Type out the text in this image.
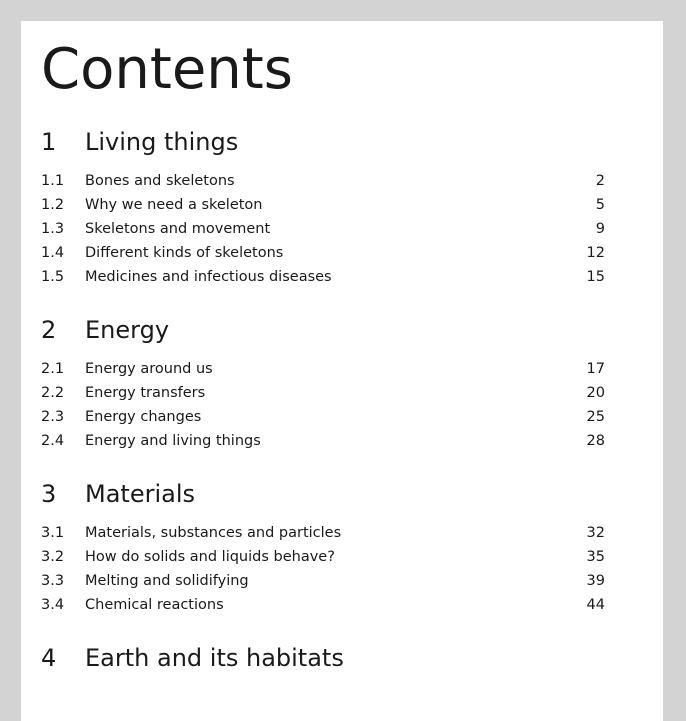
Contents
1 Living things
1.1	Bones and skeletons	2
1.2	Why we need a skeleton	5
1.3	Skeletons and movement	9
1.4	Different kinds of skeletons	12
1.5	Medicines and infectious diseases	15
2 Energy
2.1	Energy around us	17
2.2	Energy transfers	20
2.3	Energy changes	25
2.4	Energy and living things	28
3 Materials
3.1	Materials, substances and particles	32
3.2	How do solids and liquids behave?	35
3.3	Melting and solidifying	39
3.4	Chemical reactions	44
4 Earth and its habitats
